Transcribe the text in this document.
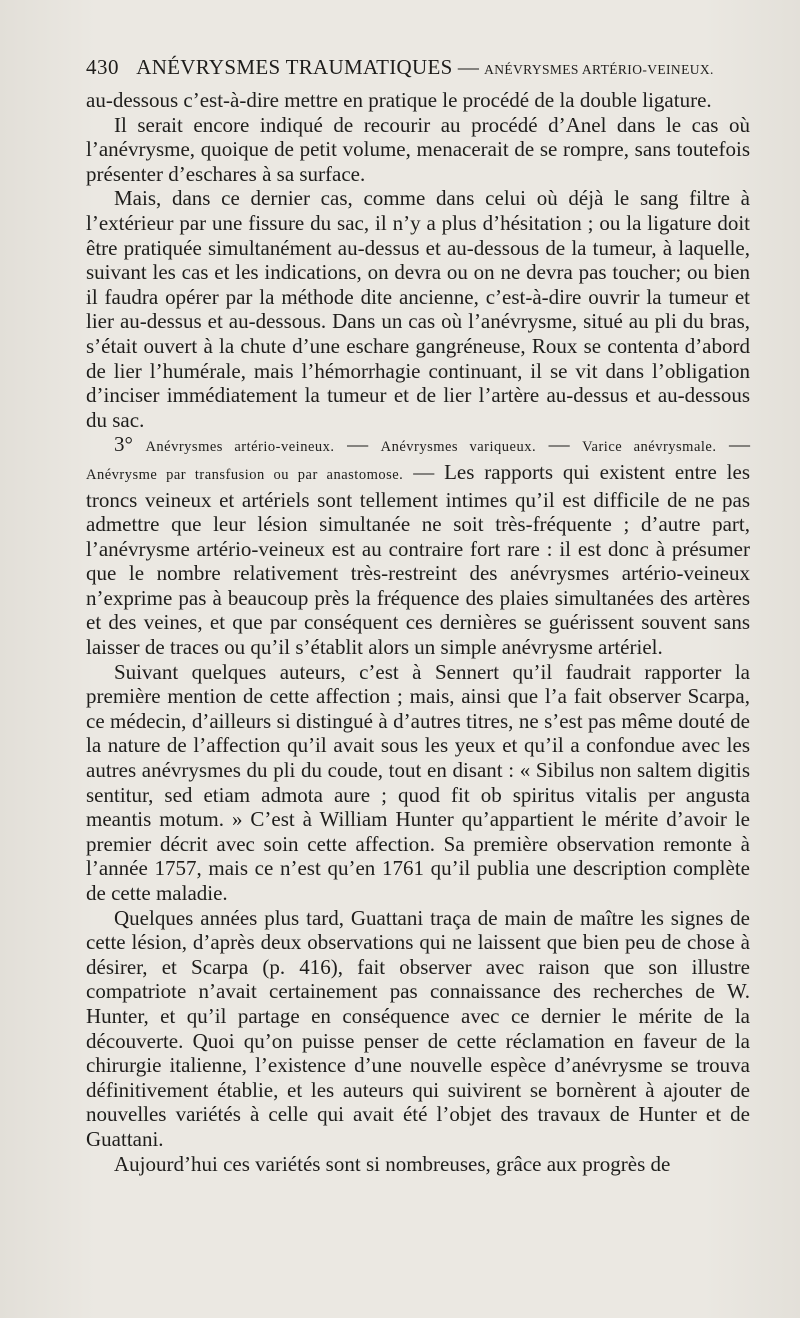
430 ANÉVRYSMES TRAUMATIQUES — ANÉVRYSMES ARTÉRIO-VEINEUX.

au-dessous c’est-à-dire mettre en pratique le procédé de la double ligature.

Il serait encore indiqué de recourir au procédé d’Anel dans le cas où l’anévrysme, quoique de petit volume, menacerait de se rompre, sans toutefois présenter d’eschares à sa surface.

Mais, dans ce dernier cas, comme dans celui où déjà le sang filtre à l’extérieur par une fissure du sac, il n’y a plus d’hésitation ; ou la ligature doit être pratiquée simultanément au-dessus et au-dessous de la tumeur, à laquelle, suivant les cas et les indications, on devra ou on ne devra pas toucher; ou bien il faudra opérer par la méthode dite ancienne, c’est-à-dire ouvrir la tumeur et lier au-dessus et au-dessous. Dans un cas où l’anévrysme, situé au pli du bras, s’était ouvert à la chute d’une eschare gangréneuse, Roux se contenta d’abord de lier l’humérale, mais l’hémorrhagie continuant, il se vit dans l’obligation d’inciser immédiatement la tumeur et de lier l’artère au-dessus et au-dessous du sac.

3° Anévrysmes artério-veineux. — Anévrysmes variqueux. — Varice anévrysmale. — Anévrysme par transfusion ou par anastomose. — Les rapports qui existent entre les troncs veineux et artériels sont tellement intimes qu’il est difficile de ne pas admettre que leur lésion simultanée ne soit très-fréquente ; d’autre part, l’anévrysme artério-veineux est au contraire fort rare : il est donc à présumer que le nombre relativement très-restreint des anévrysmes artério-veineux n’exprime pas à beaucoup près la fréquence des plaies simultanées des artères et des veines, et que par conséquent ces dernières se guérissent souvent sans laisser de traces ou qu’il s’établit alors un simple anévrysme artériel.

Suivant quelques auteurs, c’est à Sennert qu’il faudrait rapporter la première mention de cette affection ; mais, ainsi que l’a fait observer Scarpa, ce médecin, d’ailleurs si distingué à d’autres titres, ne s’est pas même douté de la nature de l’affection qu’il avait sous les yeux et qu’il a confondue avec les autres anévrysmes du pli du coude, tout en disant : « Sibilus non saltem digitis sentitur, sed etiam admota aure ; quod fit ob spiritus vitalis per angusta meantis motum. » C’est à William Hunter qu’appartient le mérite d’avoir le premier décrit avec soin cette affection. Sa première observation remonte à l’année 1757, mais ce n’est qu’en 1761 qu’il publia une description complète de cette maladie.

Quelques années plus tard, Guattani traça de main de maître les signes de cette lésion, d’après deux observations qui ne laissent que bien peu de chose à désirer, et Scarpa (p. 416), fait observer avec raison que son illustre compatriote n’avait certainement pas connaissance des recherches de W. Hunter, et qu’il partage en conséquence avec ce dernier le mérite de la découverte. Quoi qu’on puisse penser de cette réclamation en faveur de la chirurgie italienne, l’existence d’une nouvelle espèce d’anévrysme se trouva définitivement établie, et les auteurs qui suivirent se bornèrent à ajouter de nouvelles variétés à celle qui avait été l’objet des travaux de Hunter et de Guattani.

Aujourd’hui ces variétés sont si nombreuses, grâce aux progrès de
